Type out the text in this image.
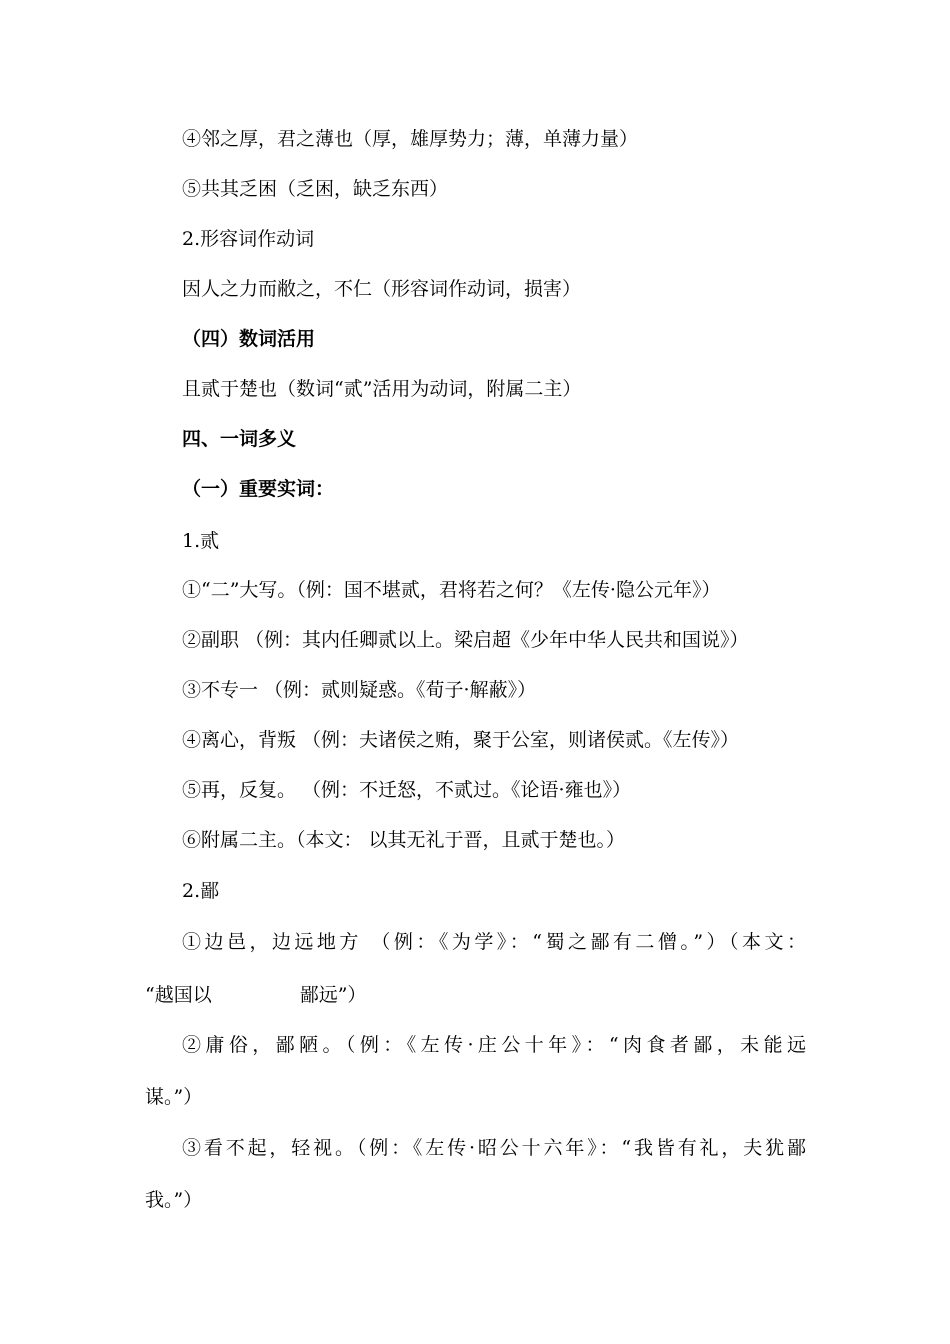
④邻之厚，君之薄也（厚，雄厚势力；薄，单薄力量）
⑤共其乏困（乏困，缺乏东西）
2.形容词作动词
因人之力而敝之，不仁（形容词作动词，损害）
（四）数词活用
且贰于楚也（数词“贰”活用为动词，附属二主）
四、一词多义
（一）重要实词：
1.贰
①“二”大写。（例：国不堪贰，君将若之何？《左传·隐公元年》）
②副职 （例：其内任卿贰以上。梁启超《少年中华人民共和国说》）
③不专一 （例：贰则疑惑。《荀子·解蔽》）
④离心，背叛 （例：夫诸侯之贿，聚于公室，则诸侯贰。《左传》）
⑤再，反复。 （例：不迁怒，不贰过。《论语·雍也》）
⑥附属二主。（本文： 以其无礼于晋，且贰于楚也。）
2.鄙
①边邑，边远地方 （例：《为学》：“蜀之鄙有二僧。”）（本文：
“越国以	鄙远”）
②庸俗，鄙陋。（例：《左传·庄公十年》：“肉食者鄙，未能远
谋。”）
③看不起，轻视。（例：《左传·昭公十六年》：“我皆有礼，夫犹鄙
我。”）
